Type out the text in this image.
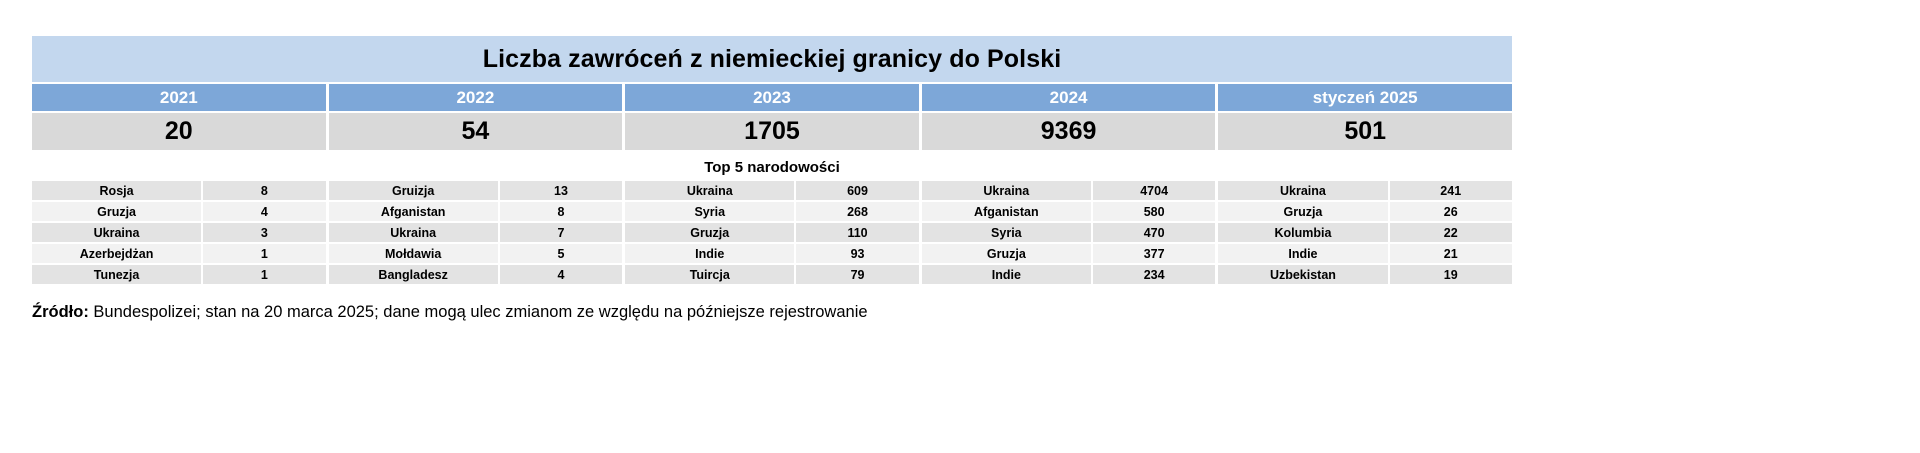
Liczba zawróceń z niemieckiej granicy do Polski
2021	2022	2023	2024	styczeń 2025
20	54	1705	9369	501
Top 5 narodowości
Rosja	8	Gruizja	13	Ukraina	609	Ukraina	4704	Ukraina	241
Gruzja	4	Afganistan	8	Syria	268	Afganistan	580	Gruzja	26
Ukraina	3	Ukraina	7	Gruzja	110	Syria	470	Kolumbia	22
Azerbejdżan	1	Mołdawia	5	Indie	93	Gruzja	377	Indie	21
Tunezja	1	Bangladesz	4	Tuircja	79	Indie	234	Uzbekistan	19
Źródło: Bundespolizei; stan na 20 marca 2025; dane mogą ulec zmianom ze względu na późniejsze rejestrowanie
